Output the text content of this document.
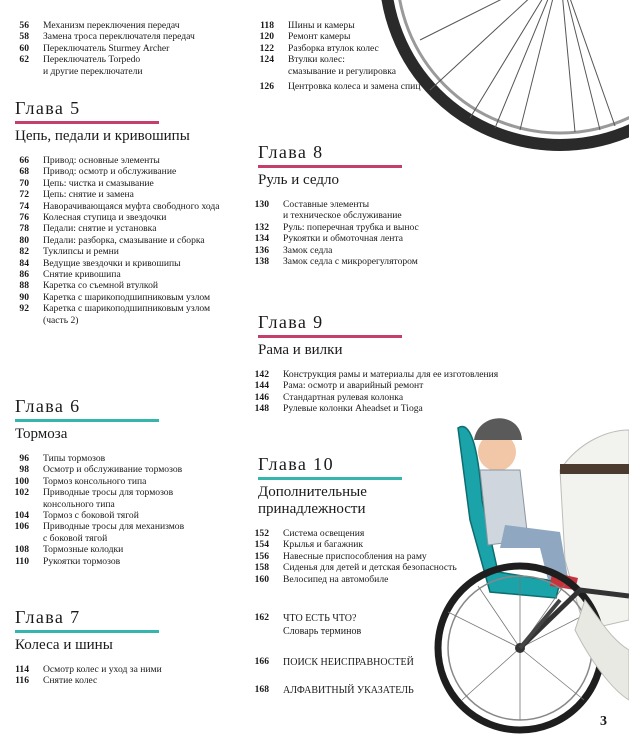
56 Механизм переключения передач
58 Замена троса переключателя передач
60 Переключатель Sturmey Archer
62 Переключатель Torpedo
и другие переключатели
118 Шины и камеры
120 Ремонт камеры
122 Разборка втулок колес
124 Втулки колес:
смазывание и регулировка
126 Центровка колеса и замена спиц
Глава 5
Цепь, педали и кривошипы
66 Привод: основные элементы
68 Привод: осмотр и обслуживание
70 Цепь: чистка и смазывание
72 Цепь: снятие и замена
74 Наворачивающаяся муфта свободного хода
76 Колесная ступица и звездочки
78 Педали: снятие и установка
80 Педали: разборка, смазывание и сборка
82 Туклипсы и ремни
84 Ведущие звездочки и кривошипы
86 Снятие кривошипа
88 Каретка со съемной втулкой
90 Каретка с шарикоподшипниковым узлом
92 Каретка с шарикоподшипниковым узлом
(часть 2)
Глава 6
Тормоза
96 Типы тормозов
98 Осмотр и обслуживание тормозов
100 Тормоз консольного типа
102 Приводные тросы для тормозов
консольного типа
104 Тормоз с боковой тягой
106 Приводные тросы для механизмов
с боковой тягой
108 Тормозные колодки
110 Рукоятки тормозов
Глава 7
Колеса и шины
114 Осмотр колес и уход за ними
116 Снятие колес
Глава 8
Руль и седло
130 Составные элементы
и техническое обслуживание
132 Руль: поперечная трубка и вынос
134 Рукоятки и обмоточная лента
136 Замок седла
138 Замок седла с микрорегулятором
Глава 9
Рама и вилки
142 Конструкция рамы и материалы для ее изготовления
144 Рама: осмотр и аварийный ремонт
146 Стандартная рулевая колонка
148 Рулевые колонки Aheadset и Tioga
Глава 10
Дополнительные
принадлежности
152 Система освещения
154 Крылья и багажник
156 Навесные приспособления на раму
158 Сиденья для детей и детская безопасность
160 Велосипед на автомобиле
162 ЧТО ЕСТЬ ЧТО?
Словарь терминов
166 ПОИСК НЕИСПРАВНОСТЕЙ
168 АЛФАВИТНЫЙ УКАЗАТЕЛЬ
3
